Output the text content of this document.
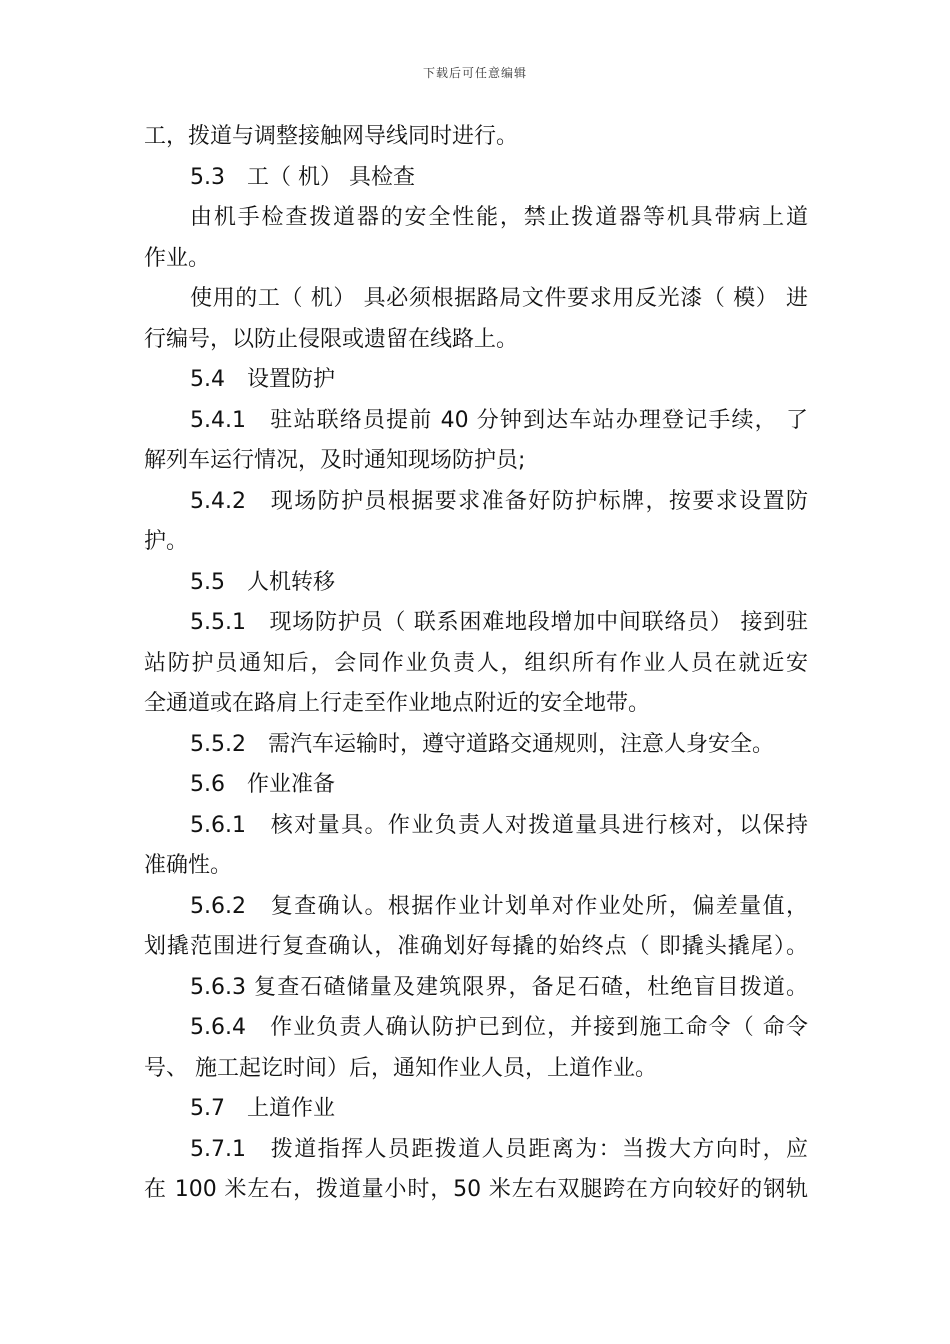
下载后可任意编辑
工，拨道与调整接触网导线同时进行。
5.3　工（ 机） 具检查
由机手检查拨道器的安全性能，禁止拨道器等机具带病上道
作业。
使用的工（ 机） 具必须根据路局文件要求用反光漆（ 模） 进
行编号，以防止侵限或遗留在线路上。
5.4　设置防护
5.4.1　驻站联络员提前 40 分钟到达车站办理登记手续， 了
解列车运行情况，及时通知现场防护员;
5.4.2　现场防护员根据要求准备好防护标牌，按要求设置防
护。
5.5　人机转移
5.5.1　现场防护员（ 联系困难地段增加中间联络员） 接到驻
站防护员通知后，会同作业负责人，组织所有作业人员在就近安
全通道或在路肩上行走至作业地点附近的安全地带。
5.5.2　需汽车运输时，遵守道路交通规则，注意人身安全。
5.6　作业准备
5.6.1　核对量具。作业负责人对拨道量具进行核对，以保持
准确性。
5.6.2　复查确认。根据作业计划单对作业处所，偏差量值，
划撬范围进行复查确认，准确划好每撬的始终点（ 即撬头撬尾）。
5.6.3 复查石碴储量及建筑限界，备足石碴，杜绝盲目拨道。
5.6.4　作业负责人确认防护已到位，并接到施工命令（ 命令
号、 施工起讫时间）后，通知作业人员，上道作业。
5.7　上道作业
5.7.1　拨道指挥人员距拨道人员距离为：当拨大方向时，应
在 100 米左右，拨道量小时，50 米左右双腿跨在方向较好的钢轨
